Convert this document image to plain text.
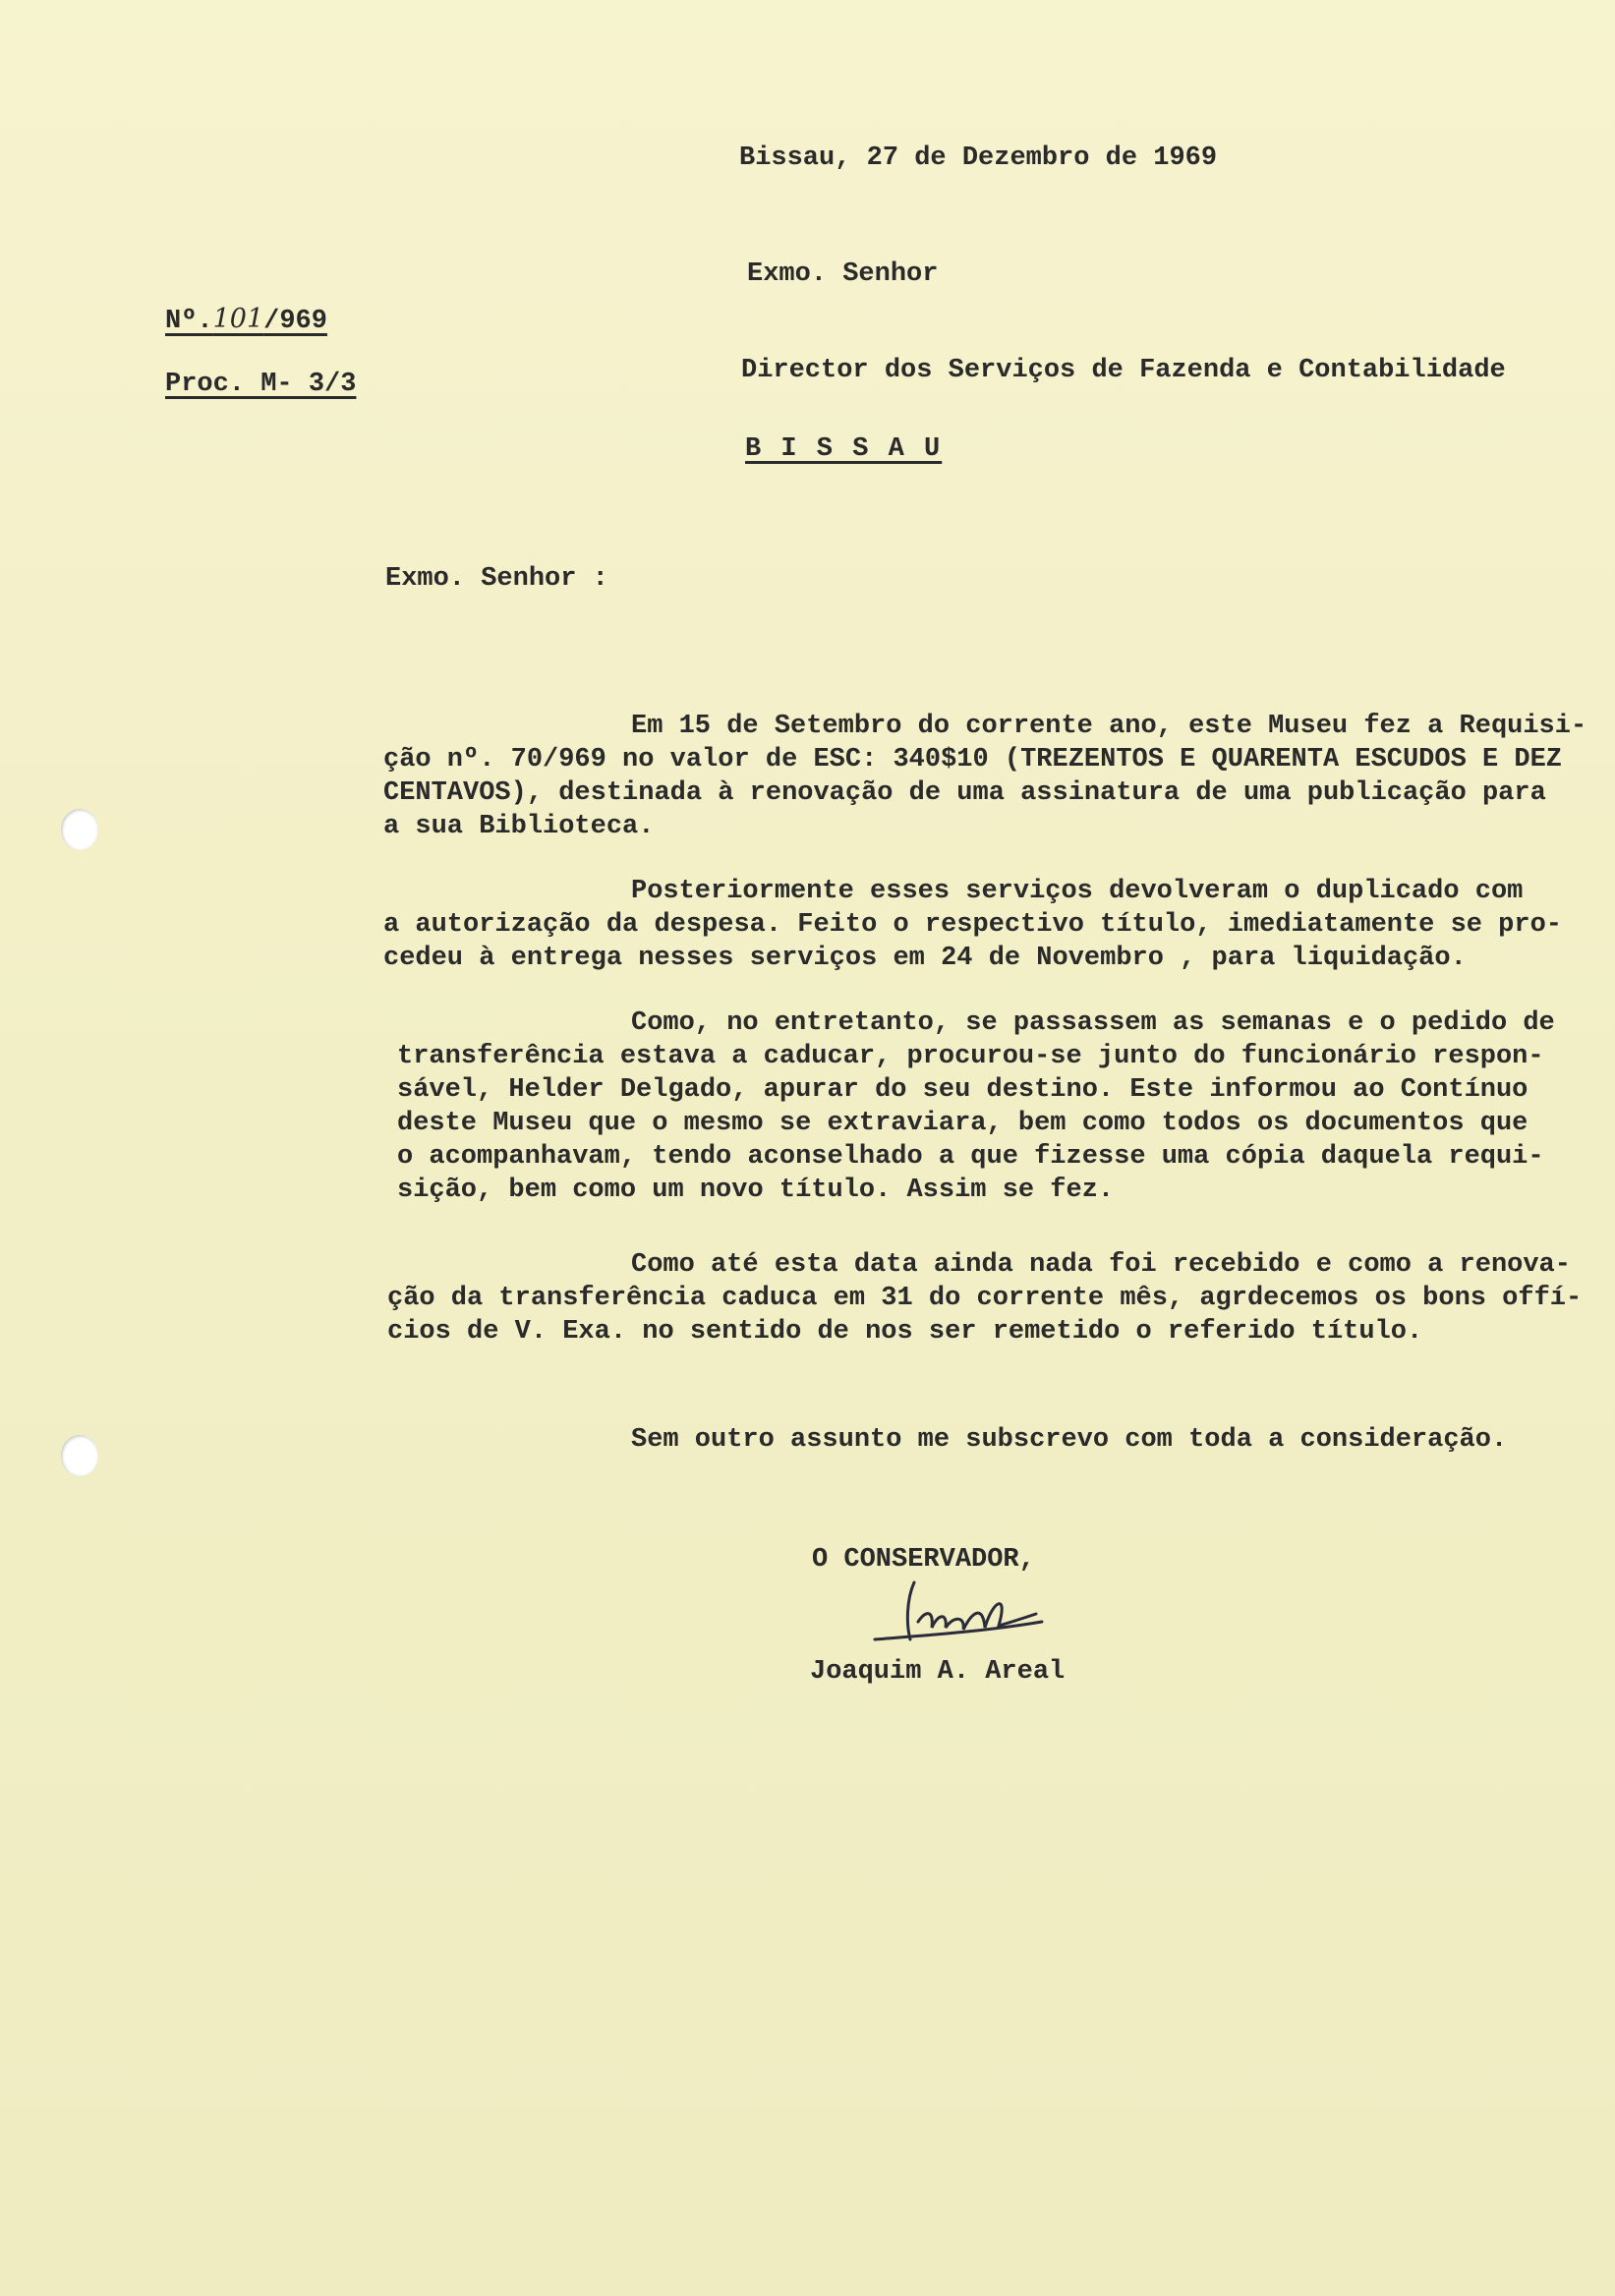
Bissau, 27 de Dezembro de 1969
Exmo. Senhor
Nº.101/969
Proc. M- 3/3	Director dos Serviços de Fazenda e Contabilidade
B I S S A U
Exmo. Senhor :

Em 15 de Setembro do corrente ano, este Museu fez a Requisi-

ção nº. 70/969 no valor de ESC: 340$10 (TREZENTOS E QUARENTA ESCUDOS E DEZ

CENTAVOS), destinada à renovação de uma assinatura de uma publicação para

a sua Biblioteca.

Posteriormente esses serviços devolveram o duplicado com

a autorização da despesa. Feito o respectivo título, imediatamente se pro-

cedeu à entrega nesses serviços em 24 de Novembro , para liquidação.

Como, no entretanto, se passassem as semanas e o pedido de

transferência estava a caducar, procurou-se junto do funcionário respon-

sável, Helder Delgado, apurar do seu destino. Este informou ao Contínuo

deste Museu que o mesmo se extraviara, bem como todos os documentos que

o acompanhavam, tendo aconselhado a que fizesse uma cópia daquela requi-

sição, bem como um novo título. Assim se fez.

Como até esta data ainda nada foi recebido e como a renova-

ção da transferência caduca em 31 do corrente mês, agrdecemos os bons offí-

cios de V. Exa. no sentido de nos ser remetido o referido título.

Sem outro assunto me subscrevo com toda a consideração.
O CONSERVADOR,
Joaquim A. Areal
